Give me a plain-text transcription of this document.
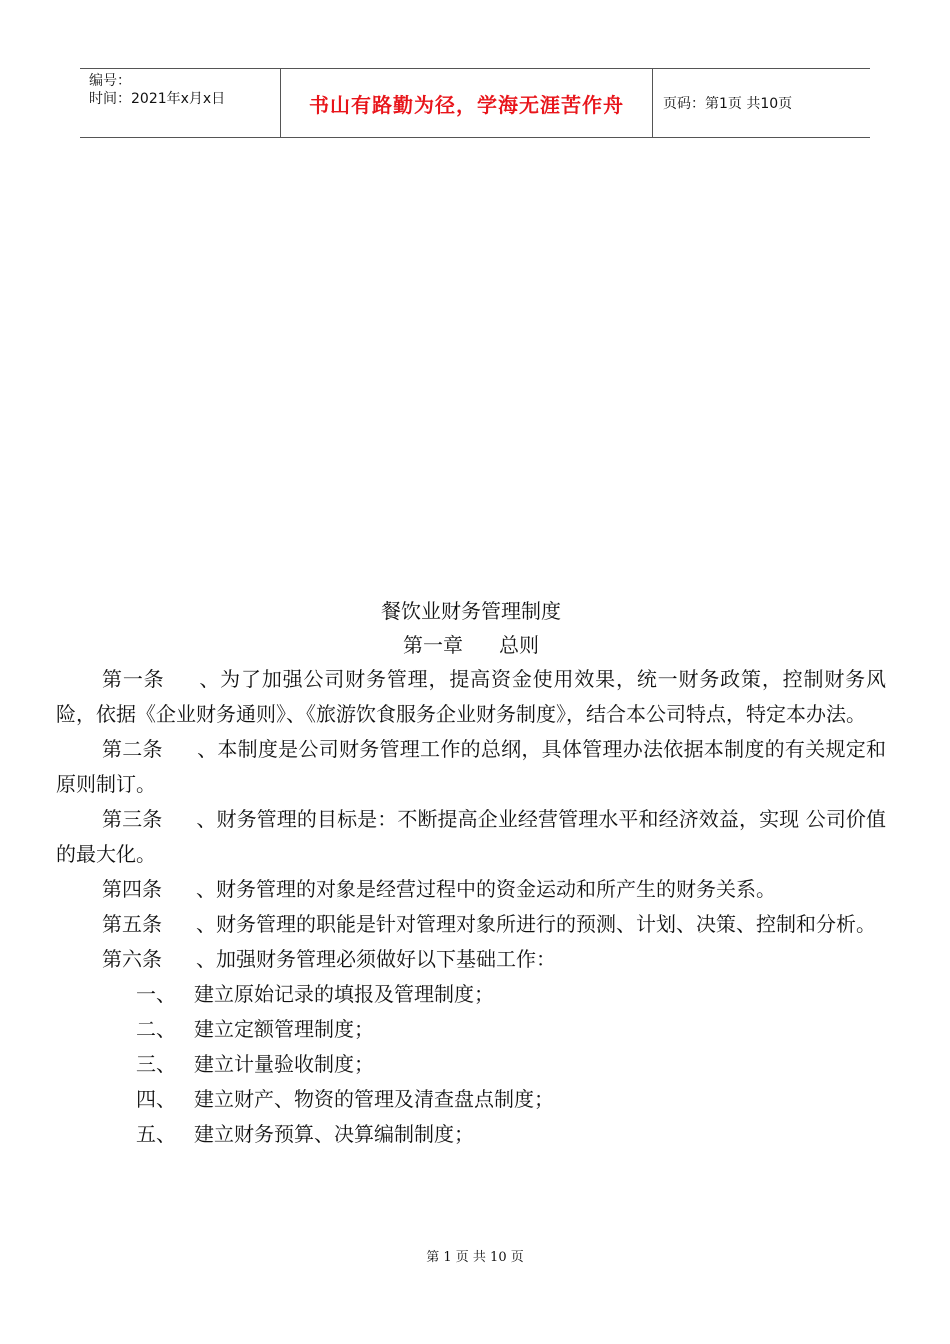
编号：
时间：2021年x月x日	书山有路勤为径，学海无涯苦作舟	页码：第1页 共10页
餐饮业财务管理制度
第一章 总则
第一条 、为了加强公司财务管理，提高资金使用效果，统一财务政策，控制财务风险，依据《企业财务通则》、《旅游饮食服务企业财务制度》，结合本公司特点，特定本办法。
第二条 、本制度是公司财务管理工作的总纲，具体管理办法依据本制度的有关规定和原则制订。
第三条 、财务管理的目标是：不断提高企业经营管理水平和经济效益，实现 公司价值的最大化。
第四条 、财务管理的对象是经营过程中的资金运动和所产生的财务关系。
第五条 、财务管理的职能是针对管理对象所进行的预测、计划、决策、控制和分析。
第六条 、加强财务管理必须做好以下基础工作：
一、 建立原始记录的填报及管理制度；
二、 建立定额管理制度；
三、 建立计量验收制度；
四、 建立财产、物资的管理及清查盘点制度；
五、 建立财务预算、决算编制制度；
第 1 页 共 10 页
